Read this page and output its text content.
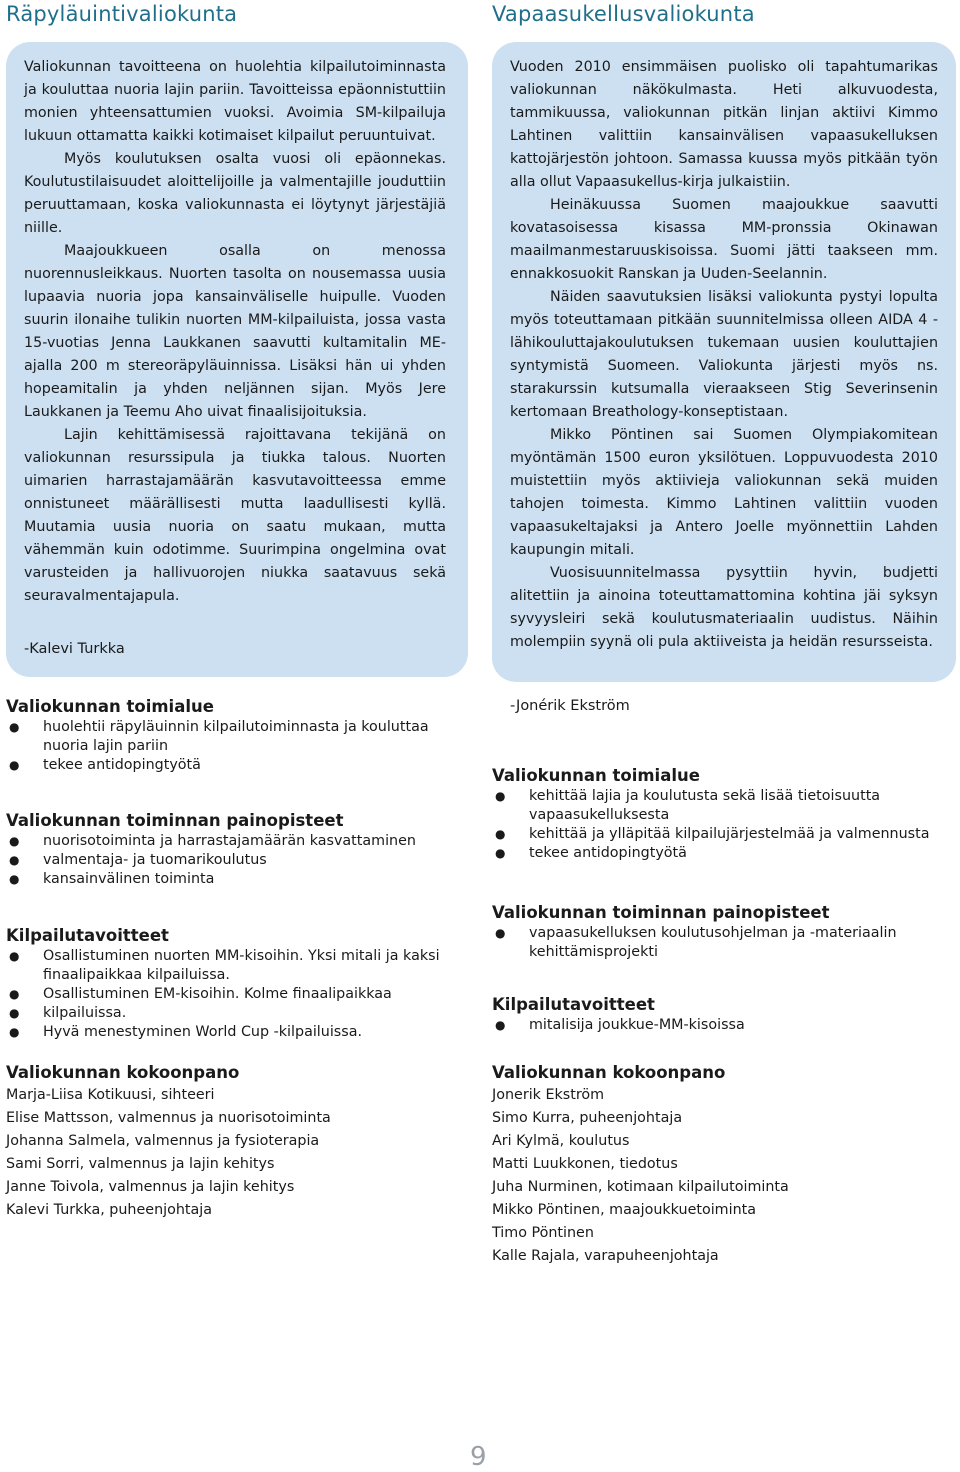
Räpyläuintivaliokunta

Valiokunnan tavoitteena on huolehtia kilpailutoiminnasta ja kouluttaa nuoria lajin pariin. Tavoitteissa epäonnistuttiin monien yhteensattumien vuoksi. Avoimia SM-kilpailuja lukuun ottamatta kaikki kotimaiset kilpailut peruuntuivat.

Myös koulutuksen osalta vuosi oli epäonnekas. Koulutustilaisuudet aloittelijoille ja valmentajille jouduttiin peruuttamaan, koska valiokunnasta ei löytynyt järjestäjiä niille.

Maajoukkueen osalla on menossa nuorennusleikkaus. Nuorten tasolta on nousemassa uusia lupaavia nuoria jopa kansainväliselle huipulle. Vuoden suurin ilonaihe tulikin nuorten MM-kilpailuista, jossa vasta 15-vuotias Jenna Laukkanen saavutti kultamitalin ME-ajalla 200 m stereoräpyläuinnissa. Lisäksi hän ui yhden hopeamitalin ja yhden neljännen sijan. Myös Jere Laukkanen ja Teemu Aho uivat finaalisijoituksia.

Lajin kehittämisessä rajoittavana tekijänä on valiokunnan resurssipula ja tiukka talous. Nuorten uimarien harrastajamäärän kasvutavoitteessa emme onnistuneet määrällisesti mutta laadullisesti kyllä. Muutamia uusia nuoria on saatu mukaan, mutta vähemmän kuin odotimme. Suurimpina ongelmina ovat varusteiden ja hallivuorojen niukka saatavuus sekä seuravalmentajapula.

-Kalevi Turkka

Valiokunnan toimialue
● huolehtii räpyläuinnin kilpailutoiminnasta ja kouluttaa nuoria lajin pariin
● tekee antidopingtyötä
Valiokunnan toiminnan painopisteet
● nuorisotoiminta ja harrastajamäärän kasvattaminen
● valmentaja- ja tuomarikoulutus
● kansainvälinen toiminta
Kilpailutavoitteet
● Osallistuminen nuorten MM-kisoihin. Yksi mitali ja kaksi finaalipaikkaa kilpailuissa.
● Osallistuminen EM-kisoihin. Kolme finaalipaikkaa
● kilpailuissa.
● Hyvä menestyminen World Cup -kilpailuissa.
Valiokunnan kokoonpano
Marja-Liisa Kotikuusi, sihteeri
Elise Mattsson, valmennus ja nuorisotoiminta
Johanna Salmela, valmennus ja fysioterapia
Sami Sorri, valmennus ja lajin kehitys
Janne Toivola, valmennus ja lajin kehitys
Kalevi Turkka, puheenjohtaja
Vapaasukellusvaliokunta

Vuoden 2010 ensimmäisen puolisko oli tapahtumarikas valiokunnan näkökulmasta. Heti alkuvuodesta, tammikuussa, valiokunnan pitkän linjan aktiivi Kimmo Lahtinen valittiin kansainvälisen vapaasukelluksen kattojärjestön johtoon. Samassa kuussa myös pitkään työn alla ollut Vapaasukellus-kirja julkaistiin.

Heinäkuussa Suomen maajoukkue saavutti kovatasoisessa kisassa MM-pronssia Okinawan maailmanmestaruuskisoissa. Suomi jätti taakseen mm. ennakkosuokit Ranskan ja Uuden-Seelannin.

Näiden saavutuksien lisäksi valiokunta pystyi lopulta myös toteuttamaan pitkään suunnitelmissa olleen AIDA 4 -lähikouluttajakoulutuksen tukemaan uusien kouluttajien syntymistä Suomeen. Valiokunta järjesti myös ns. starakurssin kutsumalla vieraakseen Stig Severinsenin kertomaan Breathology-konseptistaan.

Mikko Pöntinen sai Suomen Olympiakomitean myöntämän 1500 euron yksilötuen. Loppuvuodesta 2010 muistettiin myös aktiivieja valiokunnan sekä muiden tahojen toimesta. Kimmo Lahtinen valittiin vuoden vapaasukeltajaksi ja Antero Joelle myönnettiin Lahden kaupungin mitali.

Vuosisuunnitelmassa pysyttiin hyvin, budjetti alitettiin ja ainoina toteuttamattomina kohtina jäi syksyn syvyysleiri sekä koulutusmateriaalin uudistus. Näihin molempiin syynä oli pula aktiiveista ja heidän resursseista.

-Jonérik Ekström
Valiokunnan toimialue
● kehittää lajia ja koulutusta sekä lisää tietoisuutta vapaasukelluksesta
● kehittää ja ylläpitää kilpailujärjestelmää ja valmennusta
● tekee antidopingtyötä
Valiokunnan toiminnan painopisteet
● vapaasukelluksen koulutusohjelman ja -materiaalin kehittämisprojekti
Kilpailutavoitteet
● mitalisija joukkue-MM-kisoissa
Valiokunnan kokoonpano
Jonerik Ekström
Simo Kurra, puheenjohtaja
Ari Kylmä, koulutus
Matti Luukkonen, tiedotus
Juha Nurminen, kotimaan kilpailutoiminta
Mikko Pöntinen, maajoukkuetoiminta
Timo Pöntinen
Kalle Rajala, varapuheenjohtaja
9
